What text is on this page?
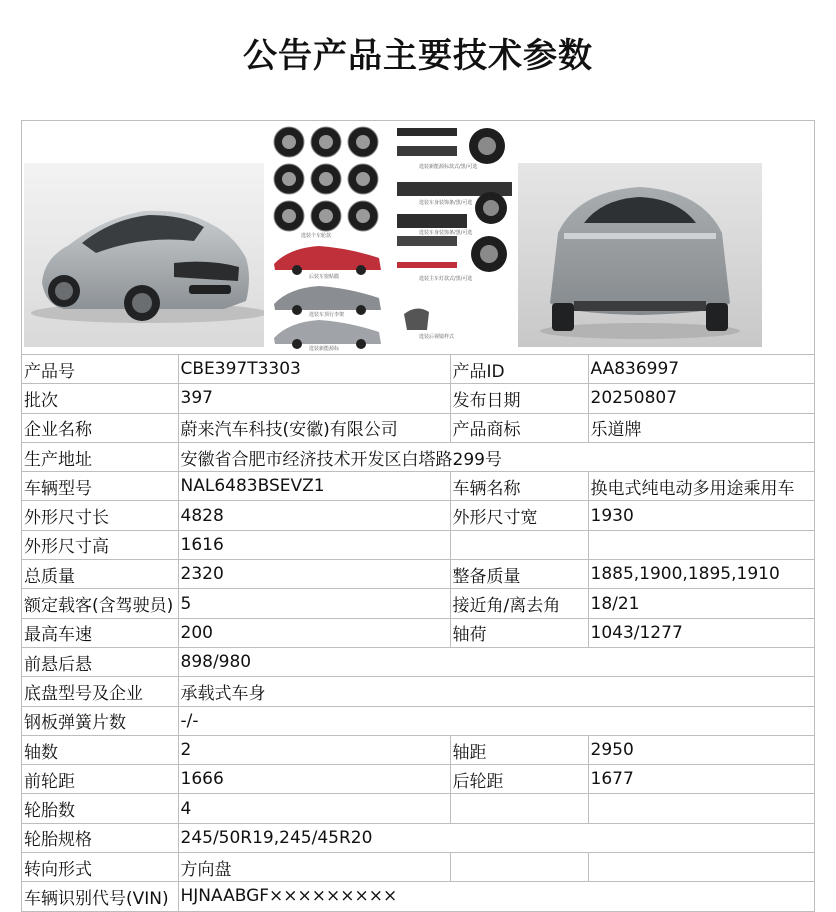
公告产品主要技术参数
选装个车轮款
选装新能源标款式/黑/可选
选装车身装饰条/黑/可选
选装车身装饰条/黑/可选
选装主车灯款式/黑/可选
后装车窗贴膜
选装车顶行李架
选装新能源标
选装后视镜样式
产品号	CBE397T3303	产品ID	AA836997
批次	397	发布日期	20250807
企业名称	蔚来汽车科技(安徽)有限公司	产品商标	乐道牌
生产地址	安徽省合肥市经济技术开发区白塔路299号		
车辆型号	NAL6483BSEVZ1	车辆名称	换电式纯电动多用途乘用车
外形尺寸长	4828	外形尺寸宽	1930
外形尺寸高	1616		
总质量	2320	整备质量	1885,1900,1895,1910
额定载客(含驾驶员)	5	接近角/离去角	18/21
最高车速	200	轴荷	1043/1277
前悬后悬	898/980		
底盘型号及企业	承载式车身		
钢板弹簧片数	-/-		
轴数	2	轴距	2950
前轮距	1666	后轮距	1677
轮胎数	4		
轮胎规格	245/50R19,245/45R20		
转向形式	方向盘		
车辆识别代号(VIN)	HJNAABGF×××××××××		
